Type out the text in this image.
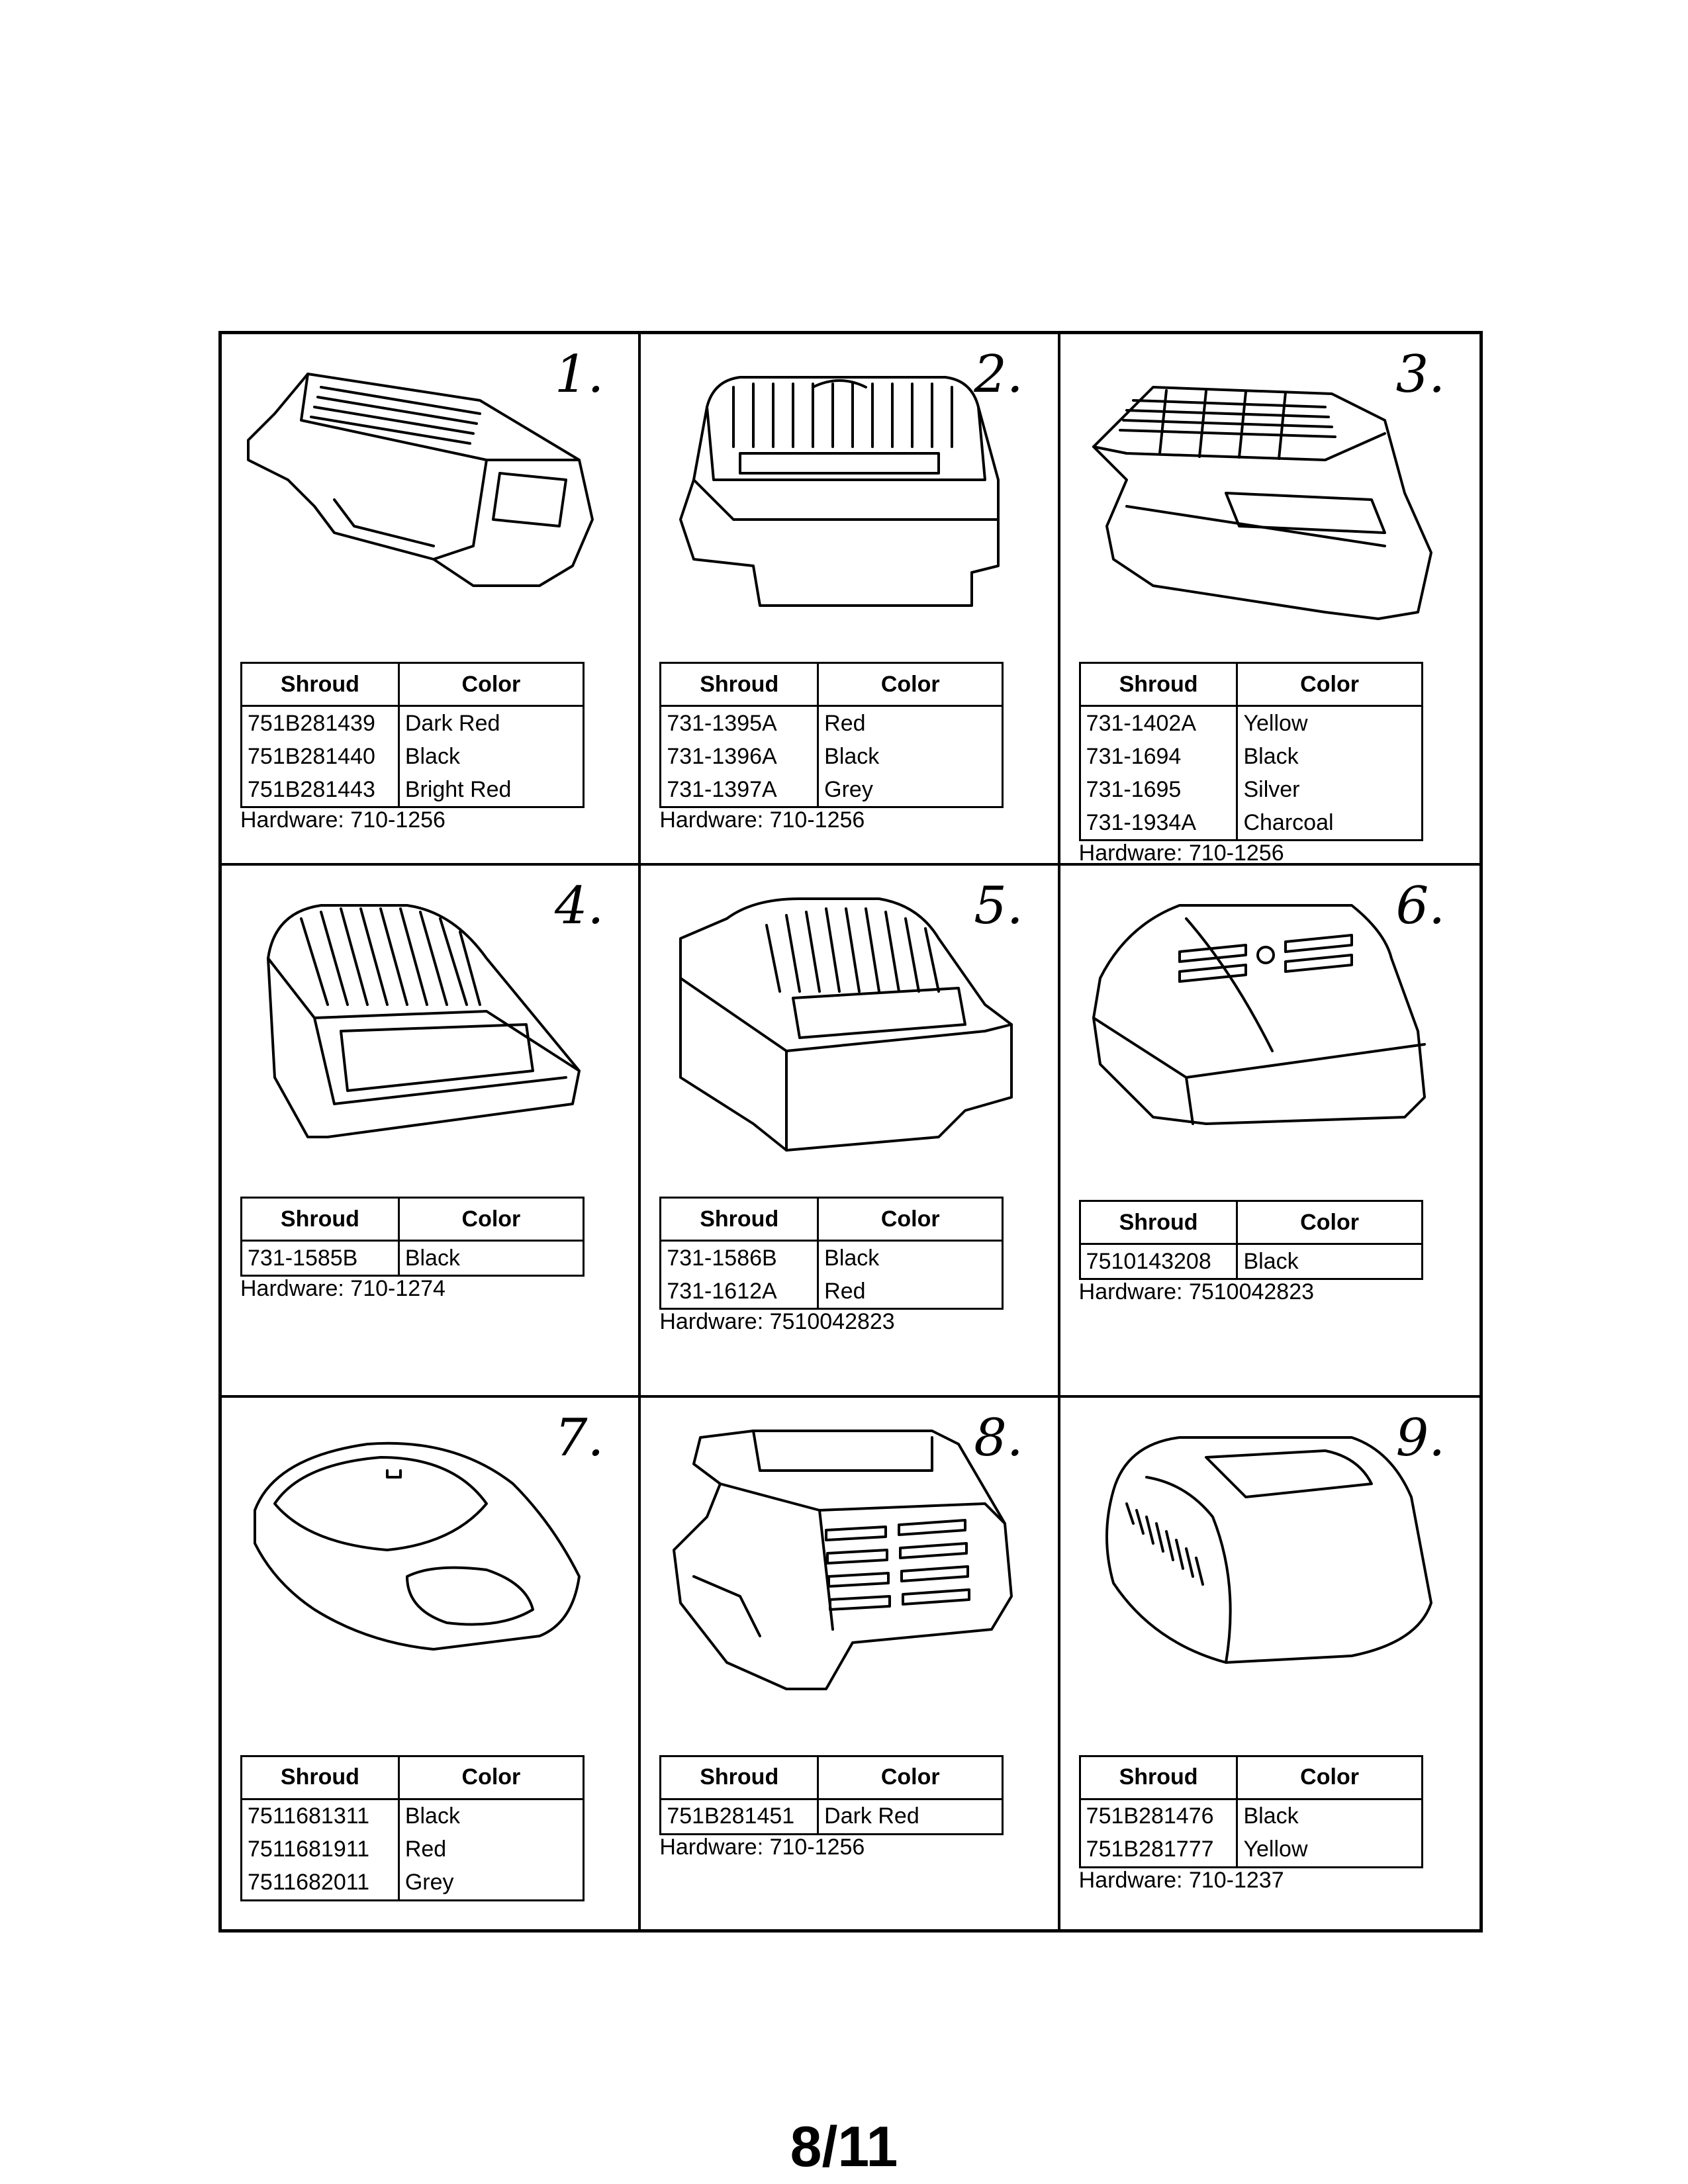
1.
Shroud	Color
751B281439	Dark Red
751B281440	Black
751B281443	Bright Red
Hardware: 710-1256
2.
Shroud	Color
731-1395A	Red
731-1396A	Black
731-1397A	Grey
Hardware: 710-1256
3.
Shroud	Color
731-1402A	Yellow
731-1694	Black
731-1695	Silver
731-1934A	Charcoal
Hardware: 710-1256
4.
Shroud	Color
731-1585B	Black
Hardware: 710-1274
5.
Shroud	Color
731-1586B	Black
731-1612A	Red
Hardware: 7510042823
6.
Shroud	Color
7510143208	Black
Hardware: 7510042823
7.
Shroud	Color
7511681311	Black
7511681911	Red
7511682011	Grey
8.
Shroud	Color
751B281451	Dark Red
Hardware: 710-1256
9.
Shroud	Color
751B281476	Black
751B281777	Yellow
Hardware: 710-1237
8/11
